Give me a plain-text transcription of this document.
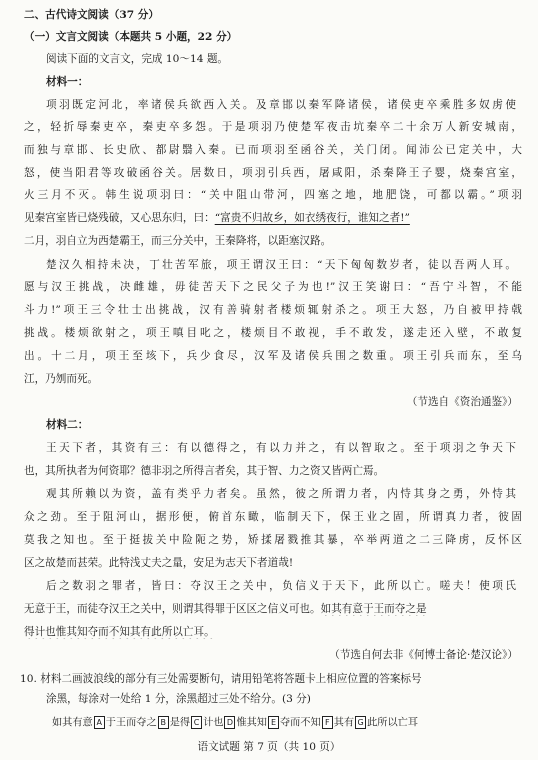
二、古代诗文阅读（37 分）
（一）文言文阅读（本题共 5 小题，22 分）
阅读下面的文言文，完成 10～14 题。
材料一：
项羽既定河北，率诸侯兵欲西入关。及章邯以秦军降诸侯，诸侯吏卒乘胜多奴虏使
之，轻折辱秦吏卒，秦吏卒多怨。于是项羽乃使楚军夜击坑秦卒二十余万人新安城南，
而独与章邯、长史欣、都尉翳入秦。已而项羽至函谷关，关门闭。闻沛公已定关中，大
怒，使当阳君等攻破函谷关。居数日，项羽引兵西，屠咸阳，杀秦降王子婴，烧秦宫室，
火三月不灭。韩生说项羽曰：“关中阻山带河，四塞之地，地肥饶，可都以霸。”项羽
见秦宫室皆已烧残破，又心思东归，曰：“富贵不归故乡，如衣绣夜行，谁知之者!”
二月，羽自立为西楚霸王，而三分关中，王秦降将，以距塞汉路。
楚汉久相持未决，丁壮苦军旅，项王谓汉王曰：“天下匈匈数岁者，徒以吾两人耳。
愿与汉王挑战，决雌雄，毋徒苦天下之民父子为也!”汉王笑谢曰：“吾宁斗智，不能
斗力!”项王三令壮士出挑战，汉有善骑射者楼烦辄射杀之。项王大怒，乃自被甲持戟
挑战。楼烦欲射之，项王嗔目叱之，楼烦目不敢视，手不敢发，遂走还入壁，不敢复
出。十二月，项王至垓下，兵少食尽，汉军及诸侯兵围之数重。项王引兵而东，至乌
江，乃刎而死。
（节选自《资治通鉴》）
材料二：
王天下者，其资有三：有以德得之，有以力并之，有以智取之。至于项羽之争天下
也，其所执者为何资耶？德非羽之所得言者矣，其于智、力之资又皆两亡焉。
观其所赖以为资，盖有类乎力者矣。虽然，彼之所谓力者，内恃其身之勇，外恃其
众之劲。至于阻河山，据形便，俯首东瞰，临制天下，保王业之固，所谓真力者，彼固
莫我之知也。至于挺拔关中险阨之势，矫揉屠戮推其暴，卒举两道之二三降虏，反怀区
区之故楚而甚荣。此特浅丈夫之量，安足为志天下者道哉!
后之数羽之罪者，皆曰：夺汉王之关中，负信义于天下，此所以亡。嗟夫！使项氏
无意于王，而徒夺汉王之关中，则谓其得罪于区区之信义可也。如其有意于王而夺之是
得计也惟其知夺而不知其有此所以亡耳。
（节选自何去非《何博士备论·楚汉论》）
10. 材料二画波浪线的部分有三处需要断句，请用铅笔将答题卡上相应位置的答案标号
涂黑，每涂对一处给 1 分，涂黑超过三处不给分。(3 分)
如其有意 A 于王而夺之 B 是得 C 计也 D 惟其知 E 夺而不知 F 其有 G 此所以亡耳
语文试题 第 7 页（共 10 页）
